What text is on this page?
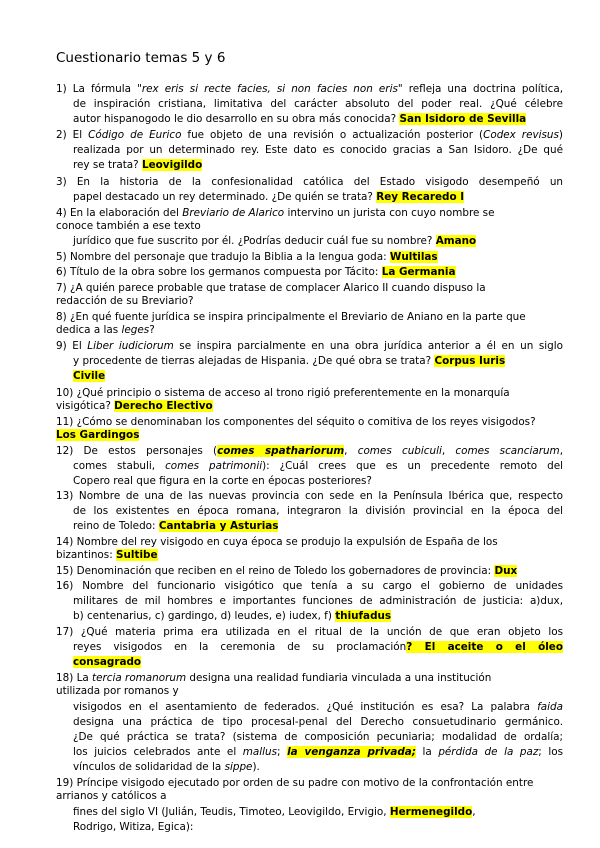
Cuestionario temas 5 y 6
1) La fórmula "rex eris si recte facies, si non facies non eris" refleja una doctrina política,
de inspiración cristiana, limitativa del carácter absoluto del poder real. ¿Qué célebre
autor hispanogodo le dio desarrollo en su obra más conocida? San Isidoro de Sevilla
2) El Código de Eurico fue objeto de una revisión o actualización posterior (Codex revisus)
realizada por un determinado rey. Este dato es conocido gracias a San Isidoro. ¿De qué
rey se trata? Leovigildo
3) En la historia de la confesionalidad católica del Estado visigodo desempeñó un
papel destacado un rey determinado. ¿De quién se trata? Rey Recaredo I
4) En la elaboración del Breviario de Alarico intervino un jurista con cuyo nombre se
conoce también a ese texto
jurídico que fue suscrito por él. ¿Podrías deducir cuál fue su nombre? Amano
5) Nombre del personaje que tradujo la Biblia a la lengua goda: Wultilas
6) Título de la obra sobre los germanos compuesta por Tácito: La Germania
7) ¿A quién parece probable que tratase de complacer Alarico II cuando dispuso la
redacción de su Breviario?
8) ¿En qué fuente jurídica se inspira principalmente el Breviario de Aniano en la parte que
dedica a las leges?
9) El Liber iudiciorum se inspira parcialmente en una obra jurídica anterior a él en un siglo
y procedente de tierras alejadas de Hispania. ¿De qué obra se trata? Corpus Iuris
Civile
10) ¿Qué principio o sistema de acceso al trono rigió preferentemente en la monarquía
visigótica? Derecho Electivo
11) ¿Cómo se denominaban los componentes del séquito o comitiva de los reyes visigodos?
Los Gardingos
12) De estos personajes (comes spathariorum, comes cubiculi, comes scanciarum,
comes stabuli, comes patrimonii): ¿Cuál crees que es un precedente remoto del
Copero real que figura en la corte en épocas posteriores?
13) Nombre de una de las nuevas provincia con sede en la Península Ibérica que, respecto
de los existentes en época romana, integraron la división provincial en la época del
reino de Toledo: Cantabria y Asturias
14) Nombre del rey visigodo en cuya época se produjo la expulsión de España de los
bizantinos: Sultibe
15) Denominación que reciben en el reino de Toledo los gobernadores de provincia: Dux
16) Nombre del funcionario visigótico que tenía a su cargo el gobierno de unidades
militares de mil hombres e importantes funciones de administración de justicia: a)dux,
b) centenarius, c) gardingo, d) leudes, e) iudex, f) thiufadus
17) ¿Qué materia prima era utilizada en el ritual de la unción de que eran objeto los
reyes visigodos en la ceremonia de su proclamación? El aceite o el óleo
consagrado
18) La tercia romanorum designa una realidad fundiaria vinculada a una institución
utilizada por romanos y
visigodos en el asentamiento de federados. ¿Qué institución es esa? La palabra faida
designa una práctica de tipo procesal-penal del Derecho consuetudinario germánico.
¿De qué práctica se trata? (sistema de composición pecuniaria; modalidad de ordalía;
los juicios celebrados ante el mallus; la venganza privada; la pérdida de la paz; los
vínculos de solidaridad de la sippe).
19) Príncipe visigodo ejecutado por orden de su padre con motivo de la confrontación entre
arrianos y católicos a
fines del siglo VI (Julián, Teudis, Timoteo, Leovigildo, Ervigio, Hermenegildo,
Rodrigo, Witiza, Egica):
